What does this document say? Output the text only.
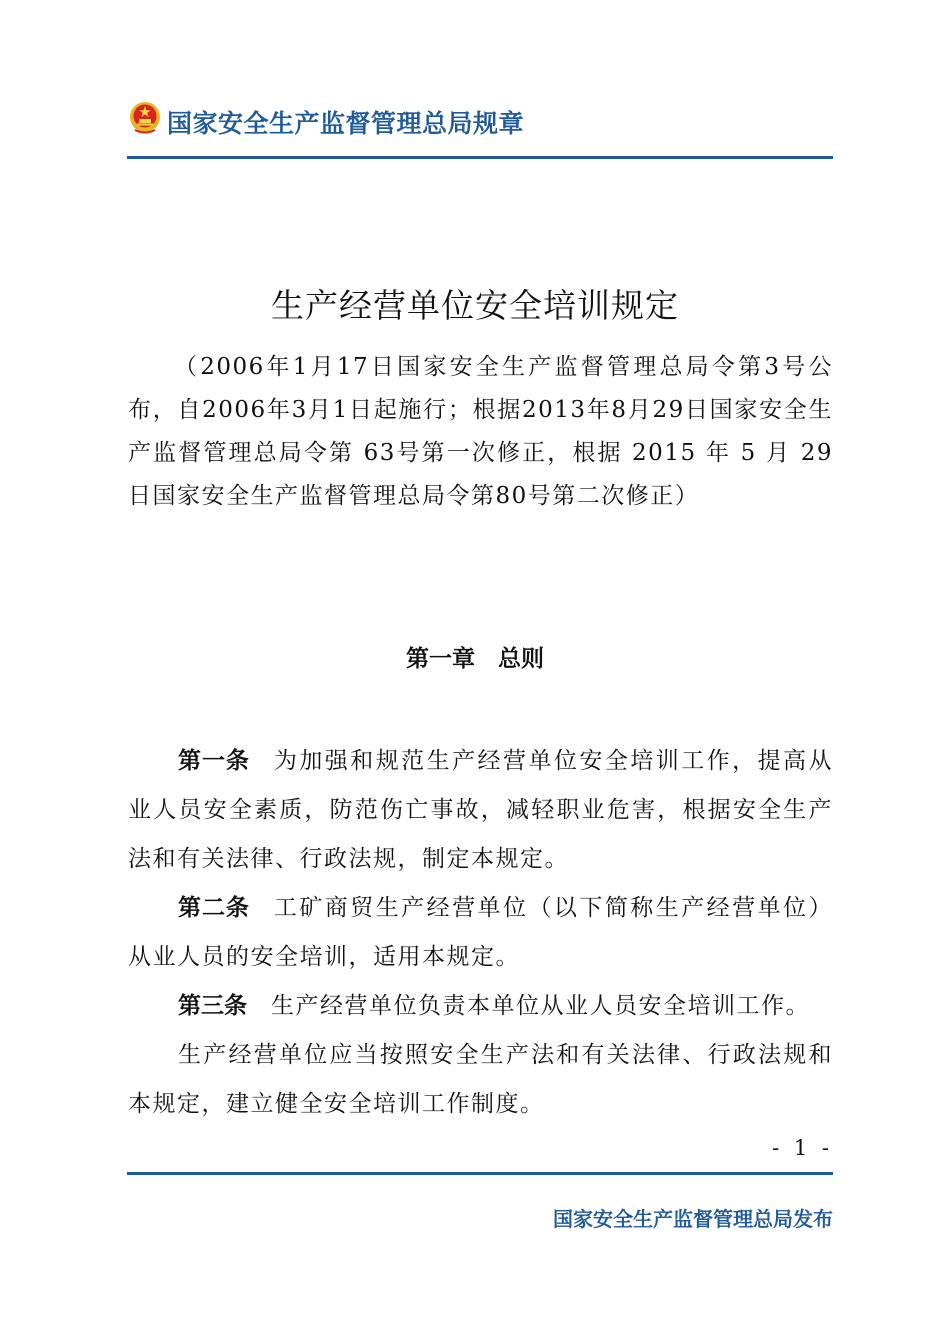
国家安全生产监督管理总局规章
生产经营单位安全培训规定
（2006年1月17日国家安全生产监督管理总局令第3号公布，自2006年3月1日起施行；根据2013年8月29日国家安全生产监督管理总局令第 63号第一次修正，根据 2015 年 5 月 29日国家安全生产监督管理总局令第80号第二次修正）
第一章　总则

第一条 为加强和规范生产经营单位安全培训工作，提高从业人员安全素质，防范伤亡事故，减轻职业危害，根据安全生产法和有关法律、行政法规，制定本规定。

第二条 工矿商贸生产经营单位（以下简称生产经营单位）从业人员的安全培训，适用本规定。

第三条 生产经营单位负责本单位从业人员安全培训工作。

生产经营单位应当按照安全生产法和有关法律、行政法规和本规定，建立健全安全培训工作制度。

- 1 -
国家安全生产监督管理总局发布
